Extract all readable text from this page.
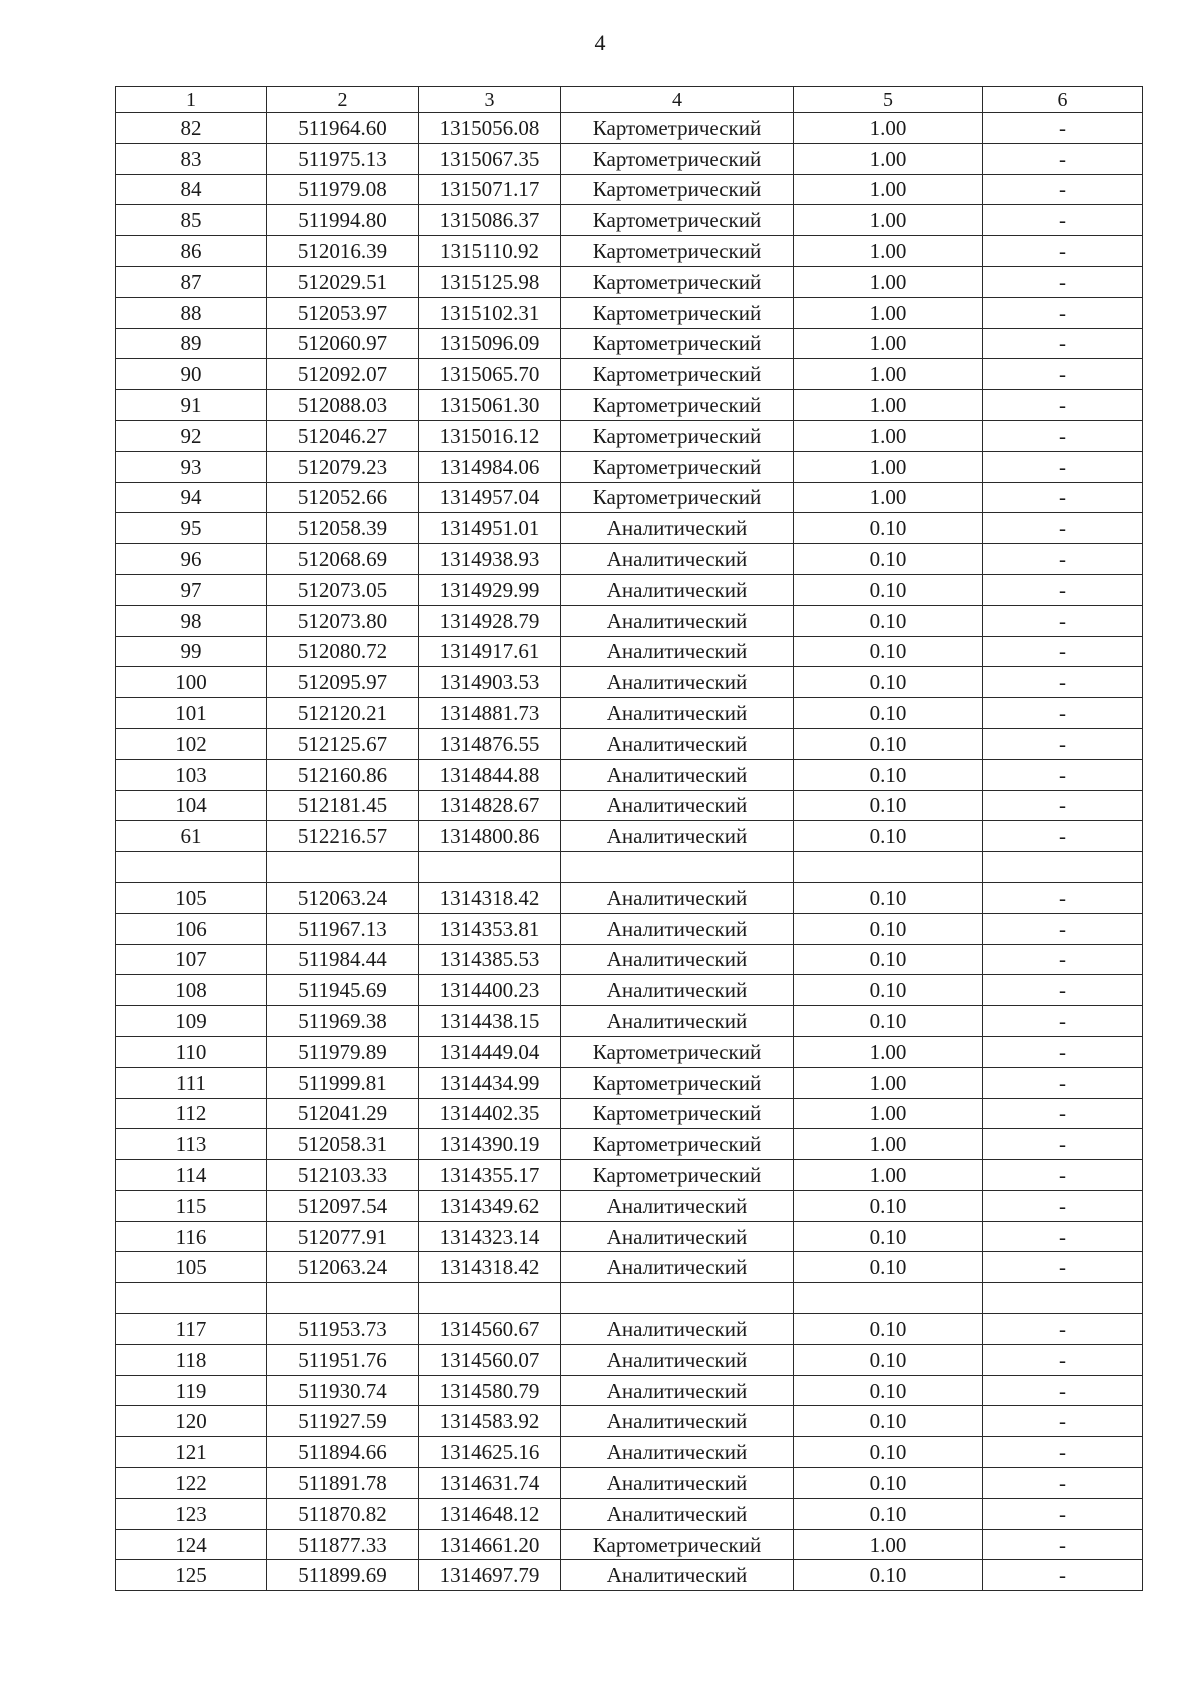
4
1	2	3	4	5	6
82	511964.60	1315056.08	Картометрический	1.00	-
83	511975.13	1315067.35	Картометрический	1.00	-
84	511979.08	1315071.17	Картометрический	1.00	-
85	511994.80	1315086.37	Картометрический	1.00	-
86	512016.39	1315110.92	Картометрический	1.00	-
87	512029.51	1315125.98	Картометрический	1.00	-
88	512053.97	1315102.31	Картометрический	1.00	-
89	512060.97	1315096.09	Картометрический	1.00	-
90	512092.07	1315065.70	Картометрический	1.00	-
91	512088.03	1315061.30	Картометрический	1.00	-
92	512046.27	1315016.12	Картометрический	1.00	-
93	512079.23	1314984.06	Картометрический	1.00	-
94	512052.66	1314957.04	Картометрический	1.00	-
95	512058.39	1314951.01	Аналитический	0.10	-
96	512068.69	1314938.93	Аналитический	0.10	-
97	512073.05	1314929.99	Аналитический	0.10	-
98	512073.80	1314928.79	Аналитический	0.10	-
99	512080.72	1314917.61	Аналитический	0.10	-
100	512095.97	1314903.53	Аналитический	0.10	-
101	512120.21	1314881.73	Аналитический	0.10	-
102	512125.67	1314876.55	Аналитический	0.10	-
103	512160.86	1314844.88	Аналитический	0.10	-
104	512181.45	1314828.67	Аналитический	0.10	-
61	512216.57	1314800.86	Аналитический	0.10	-

105	512063.24	1314318.42	Аналитический	0.10	-
106	511967.13	1314353.81	Аналитический	0.10	-
107	511984.44	1314385.53	Аналитический	0.10	-
108	511945.69	1314400.23	Аналитический	0.10	-
109	511969.38	1314438.15	Аналитический	0.10	-
110	511979.89	1314449.04	Картометрический	1.00	-
111	511999.81	1314434.99	Картометрический	1.00	-
112	512041.29	1314402.35	Картометрический	1.00	-
113	512058.31	1314390.19	Картометрический	1.00	-
114	512103.33	1314355.17	Картометрический	1.00	-
115	512097.54	1314349.62	Аналитический	0.10	-
116	512077.91	1314323.14	Аналитический	0.10	-
105	512063.24	1314318.42	Аналитический	0.10	-

117	511953.73	1314560.67	Аналитический	0.10	-
118	511951.76	1314560.07	Аналитический	0.10	-
119	511930.74	1314580.79	Аналитический	0.10	-
120	511927.59	1314583.92	Аналитический	0.10	-
121	511894.66	1314625.16	Аналитический	0.10	-
122	511891.78	1314631.74	Аналитический	0.10	-
123	511870.82	1314648.12	Аналитический	0.10	-
124	511877.33	1314661.20	Картометрический	1.00	-
125	511899.69	1314697.79	Аналитический	0.10	-
